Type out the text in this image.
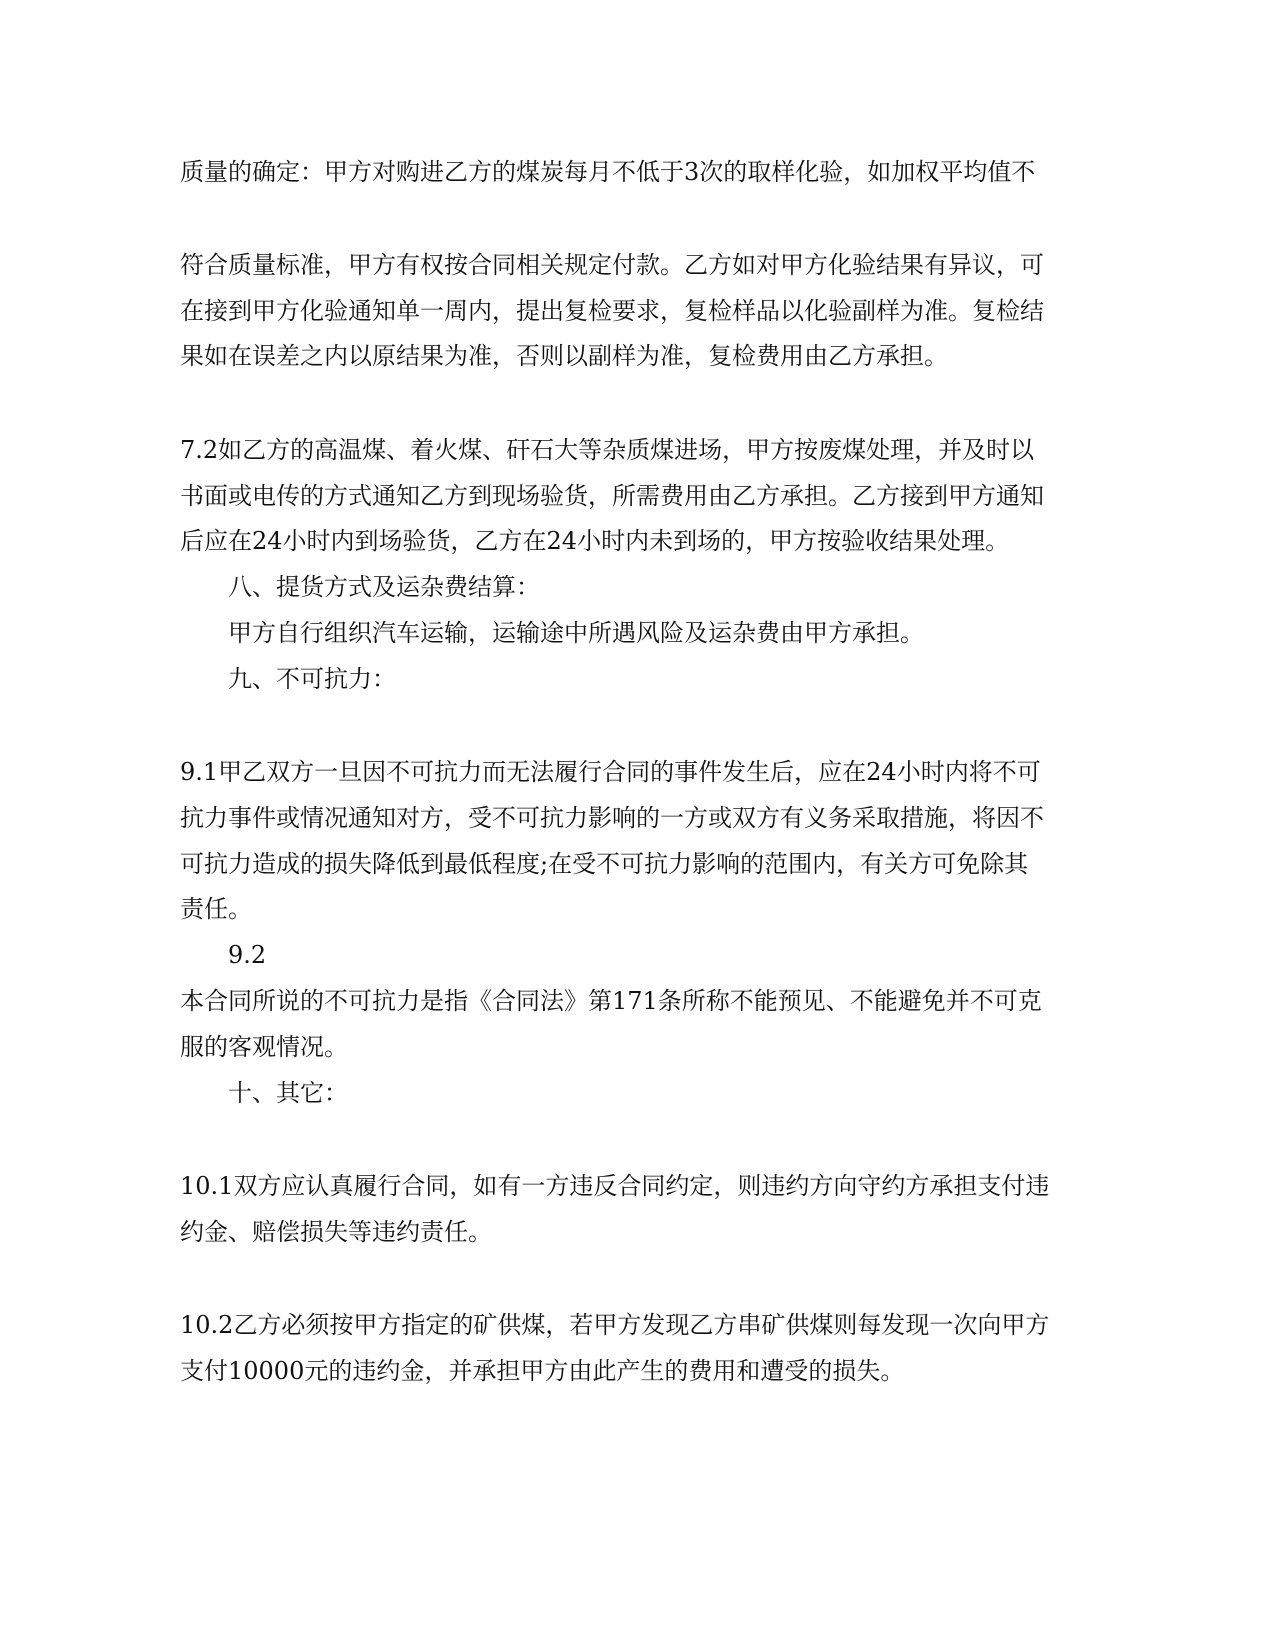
质量的确定：甲方对购进乙方的煤炭每月不低于3次的取样化验，如加权平均值不
符合质量标准，甲方有权按合同相关规定付款。乙方如对甲方化验结果有异议，可
在接到甲方化验通知单一周内，提出复检要求，复检样品以化验副样为准。复检结
果如在误差之内以原结果为准，否则以副样为准，复检费用由乙方承担。
7.2如乙方的高温煤、着火煤、矸石大等杂质煤进场，甲方按废煤处理，并及时以
书面或电传的方式通知乙方到现场验货，所需费用由乙方承担。乙方接到甲方通知
后应在24小时内到场验货，乙方在24小时内未到场的，甲方按验收结果处理。
八、提货方式及运杂费结算：
甲方自行组织汽车运输，运输途中所遇风险及运杂费由甲方承担。
九、不可抗力：
9.1甲乙双方一旦因不可抗力而无法履行合同的事件发生后，应在24小时内将不可
抗力事件或情况通知对方，受不可抗力影响的一方或双方有义务采取措施，将因不
可抗力造成的损失降低到最低程度;在受不可抗力影响的范围内，有关方可免除其
责任。
9.2
本合同所说的不可抗力是指《合同法》第171条所称不能预见、不能避免并不可克
服的客观情况。
十、其它：
10.1双方应认真履行合同，如有一方违反合同约定，则违约方向守约方承担支付违
约金、赔偿损失等违约责任。
10.2乙方必须按甲方指定的矿供煤，若甲方发现乙方串矿供煤则每发现一次向甲方
支付10000元的违约金，并承担甲方由此产生的费用和遭受的损失。
